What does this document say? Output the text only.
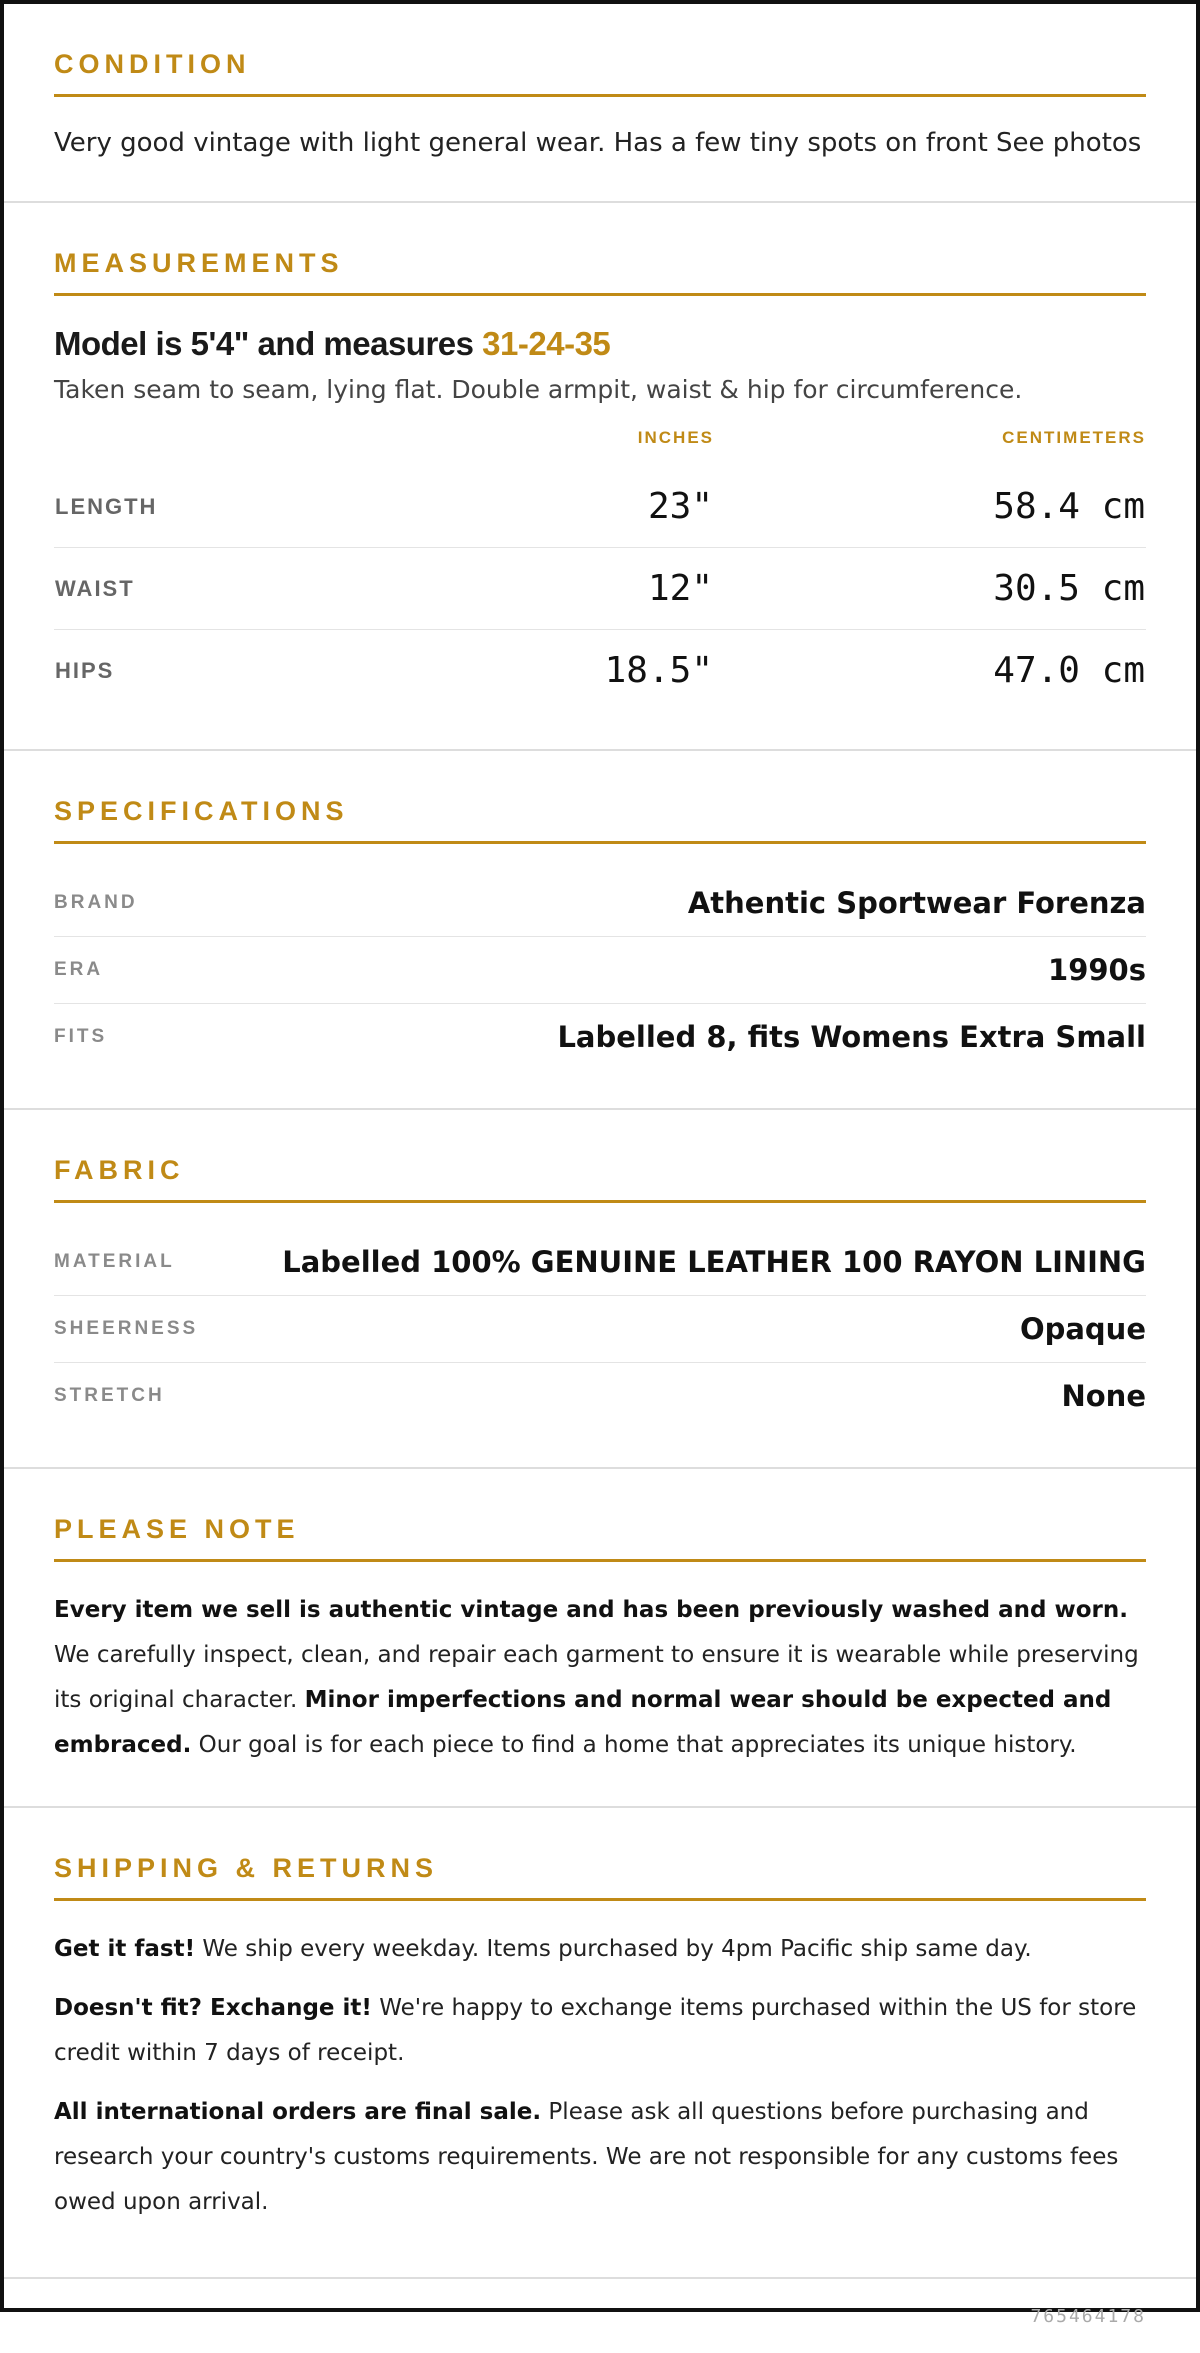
CONDITION

Very good vintage with light general wear. Has a few tiny spots on front See photos

MEASUREMENTS

Model is 5'4" and measures 31-24-35

Taken seam to seam, lying flat. Double armpit, waist & hip for circumference.

	INCHES	CENTIMETERS
LENGTH	23"	58.4 cm
WAIST	12"	30.5 cm
HIPS	18.5"	47.0 cm
SPECIFICATIONS
BRAND	Athentic Sportwear Forenza
ERA	1990s
FITS	Labelled 8, fits Womens Extra Small
FABRIC
MATERIAL	Labelled 100% GENUINE LEATHER 100 RAYON LINING
SHEERNESS	Opaque
STRETCH	None
PLEASE NOTE

Every item we sell is authentic vintage and has been previously washed and worn. We carefully inspect, clean, and repair each garment to ensure it is wearable while preserving its original character. Minor imperfections and normal wear should be expected and embraced. Our goal is for each piece to find a home that appreciates its unique history.

SHIPPING & RETURNS

Get it fast! We ship every weekday. Items purchased by 4pm Pacific ship same day.

Doesn't fit? Exchange it! We're happy to exchange items purchased within the US for store credit within 7 days of receipt.

All international orders are final sale. Please ask all questions before purchasing and research your country's customs requirements. We are not responsible for any customs fees owed upon arrival.

765464178
